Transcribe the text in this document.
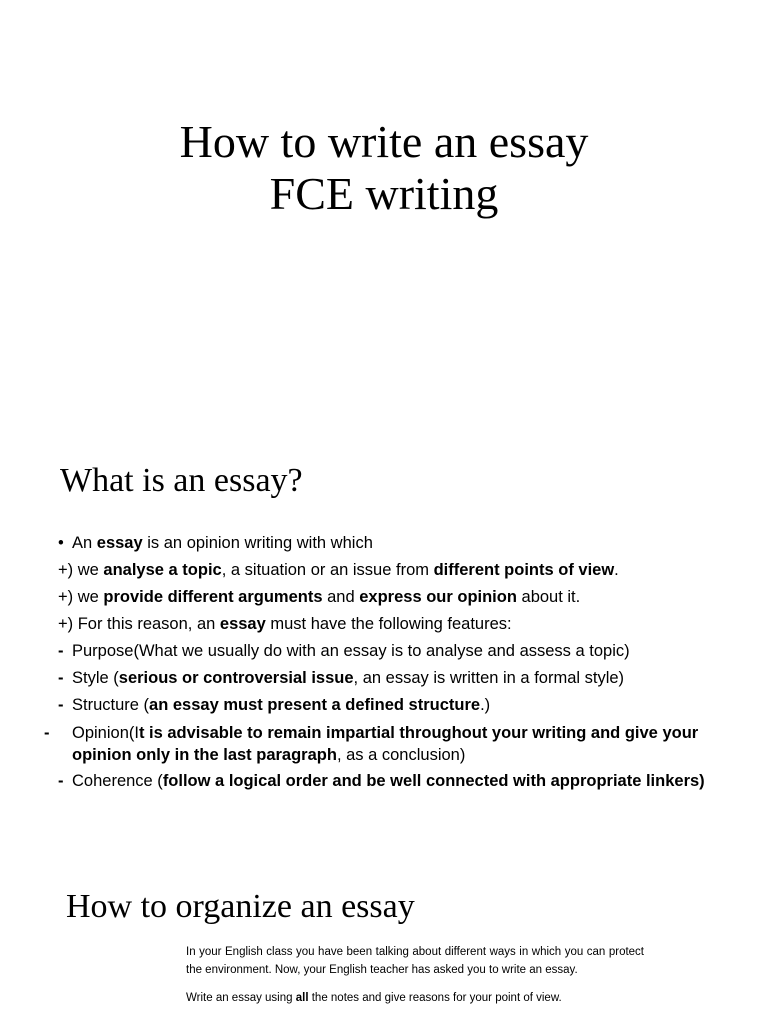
How to write an essay
FCE writing
What is an essay?
• An essay is an opinion writing with which
+) we analyse a topic, a situation or an issue from different points of view.
+) we provide different arguments and express our opinion about it.
+) For this reason, an essay must have the following features:
- Purpose(What we usually do with an essay is to analyse and assess a topic)
- Style (serious or controversial issue, an essay is written in a formal style)
- Structure (an essay must present a defined structure.)
- Opinion(It is advisable to remain impartial throughout your writing and give your opinion only in the last paragraph, as a conclusion)
- Coherence (follow a logical order and be well connected with appropriate linkers)
How to organize an essay

In your English class you have been talking about different ways in which you can protect the environment. Now, your English teacher has asked you to write an essay.

Write an essay using all the notes and give reasons for your point of view.
